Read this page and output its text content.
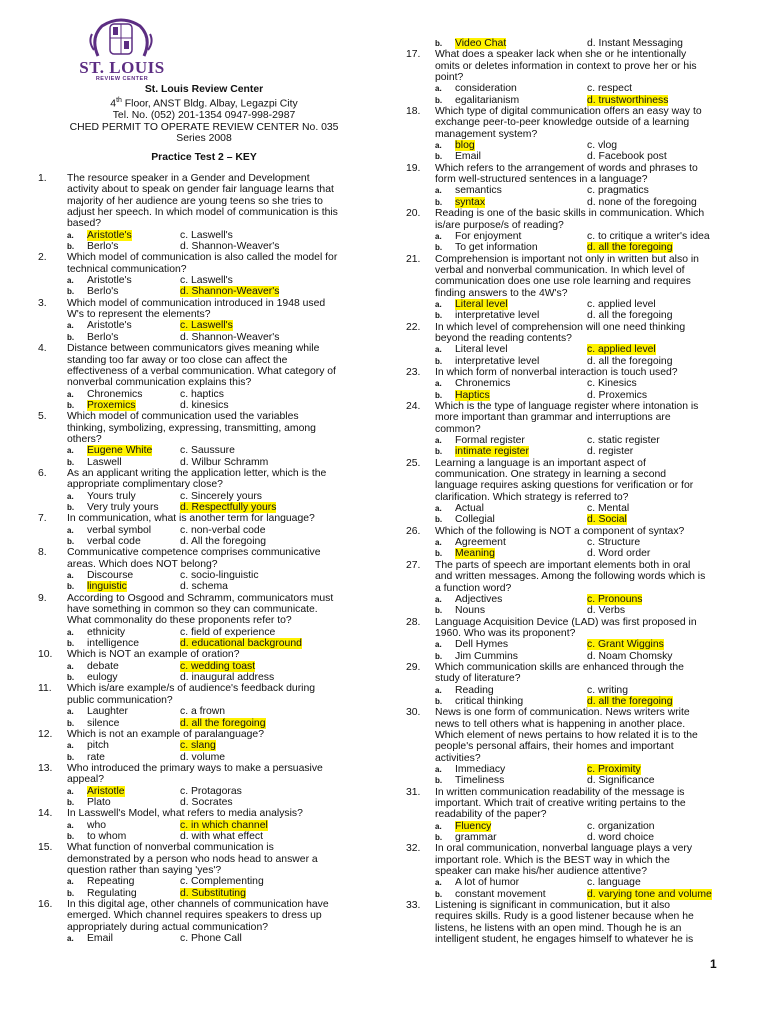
ST. LOUIS
REVIEW CENTER
St. Louis Review Center
4th Floor, ANST Bldg. Albay, Legazpi City
Tel. No. (052) 201-1354 0947-998-2987
CHED PERMIT TO OPERATE REVIEW CENTER No. 035
Series 2008
Practice Test 2 – KEY
1.	The resource speaker in a Gender and Development
activity about to speak on gender fair language learns that
majority of her audience are young teens so she tries to
adjust her speech. In which model of communication is this
based?
a. Aristotle's	c. Laswell's
b. Berlo's	d. Shannon-Weaver's
2.	Which model of communication is also called the model for
technical communication?
a. Aristotle's	c. Laswell's
b. Berlo's	d. Shannon-Weaver's
3.	Which model of communication introduced in 1948 used
W's to represent the elements?
a. Aristotle's	c. Laswell's
b. Berlo's	d. Shannon-Weaver's
4.	Distance between communicators gives meaning while
standing too far away or too close can affect the
effectiveness of a verbal communication. What category of
nonverbal communication explains this?
a. Chronemics	c. haptics
b. Proxemics	d. kinesics
5.	Which model of communication used the variables
thinking, symbolizing, expressing, transmitting, among
others?
a. Eugene White	c. Saussure
b. Laswell	d. Wilbur Schramm
6.	As an applicant writing the application letter, which is the
appropriate complimentary close?
a. Yours truly	c. Sincerely yours
b. Very truly yours d. Respectfully yours
7.	In communication, what is another term for language?
a. verbal symbol	c. non-verbal code
b. verbal code	d. All the foregoing
8.	Communicative competence comprises communicative
areas. Which does NOT belong?
a. Discourse	c. socio-linguistic
b. linguistic	d. schema
9.	According to Osgood and Schramm, communicators must
have something in common so they can communicate.
What commonality do these proponents refer to?
a. ethnicity	c. field of experience
b. intelligence	d. educational background
10.	Which is NOT an example of oration?
a. debate	c. wedding toast
b. eulogy	d. inaugural address
11.	Which is/are example/s of audience's feedback during
public communication?
a. Laughter	c. a frown
b. silence	d. all the foregoing
12.	Which is not an example of paralanguage?
a. pitch	c. slang
b. rate	d. volume
13.	Who introduced the primary ways to make a persuasive
appeal?
a. Aristotle	c. Protagoras
b. Plato	d. Socrates
14.	In Lasswell's Model, what refers to media analysis?
a. who	c. in which channel
b. to whom	d. with what effect
15.	What function of nonverbal communication is
demonstrated by a person who nods head to answer a
question rather than saying 'yes'?
a. Repeating	c. Complementing
b. Regulating	d. Substituting
16.	In this digital age, other channels of communication have
emerged. Which channel requires speakers to dress up
appropriately during actual communication?
a. Email	c. Phone Call
b. Video Chat	d. Instant Messaging
17.	What does a speaker lack when she or he intentionally
omits or deletes information in context to prove her or his
point?
a. consideration	c. respect
b. egalitarianism	d. trustworthiness
18.	Which type of digital communication offers an easy way to
exchange peer-to-peer knowledge outside of a learning
management system?
a. blog	c. vlog
b. Email	d. Facebook post
19.	Which refers to the arrangement of words and phrases to
form well-structured sentences in a language?
a. semantics	c. pragmatics
b. syntax	d. none of the foregoing
20.	Reading is one of the basic skills in communication. Which
is/are purpose/s of reading?
a. For enjoyment	c. to critique a writer's idea
b. To get information	d. all the foregoing
21.	Comprehension is important not only in written but also in
verbal and nonverbal communication. In which level of
communication does one use role learning and requires
finding answers to the 4W's?
a. Literal level	c. applied level
b. interpretative level	d. all the foregoing
22.	In which level of comprehension will one need thinking
beyond the reading contents?
a. Literal level	c. applied level
b. interpretative level	d. all the foregoing
23.	In which form of nonverbal interaction is touch used?
a. Chronemics	c. Kinesics
b. Haptics	d. Proxemics
24.	Which is the type of language register where intonation is
more important than grammar and interruptions are
common?
a. Formal register	c. static register
b. intimate register	d. register
25.	Learning a language is an important aspect of
communication. One strategy in learning a second
language requires asking questions for verification or for
clarification. Which strategy is referred to?
a. Actual	c. Mental
b. Collegial	d. Social
26.	Which of the following is NOT a component of syntax?
a. Agreement	c. Structure
b. Meaning	d. Word order
27.	The parts of speech are important elements both in oral
and written messages. Among the following words which is
a function word?
a. Adjectives	c. Pronouns
b. Nouns	d. Verbs
28.	Language Acquisition Device (LAD) was first proposed in
1960. Who was its proponent?
a. Dell Hymes	c. Grant Wiggins
b. Jim Cummins	d. Noam Chomsky
29.	Which communication skills are enhanced through the
study of literature?
a. Reading	c. writing
b. critical thinking	d. all the foregoing
30.	News is one form of communication. News writers write
news to tell others what is happening in another place.
Which element of news pertains to how related it is to the
people's personal affairs, their homes and important
activities?
a. Immediacy	c. Proximity
b. Timeliness	d. Significance
31.	In written communication readability of the message is
important. Which trait of creative writing pertains to the
readability of the paper?
a. Fluency	c. organization
b. grammar	d. word choice
32.	In oral communication, nonverbal language plays a very
important role. Which is the BEST way in which the
speaker can make his/her audience attentive?
a. A lot of humor	c. language
b. constant movement	d. varying tone and volume
33.	Listening is significant in communication, but it also
requires skills. Rudy is a good listener because when he
listens, he listens with an open mind. Though he is an
intelligent student, he engages himself to whatever he is
1
